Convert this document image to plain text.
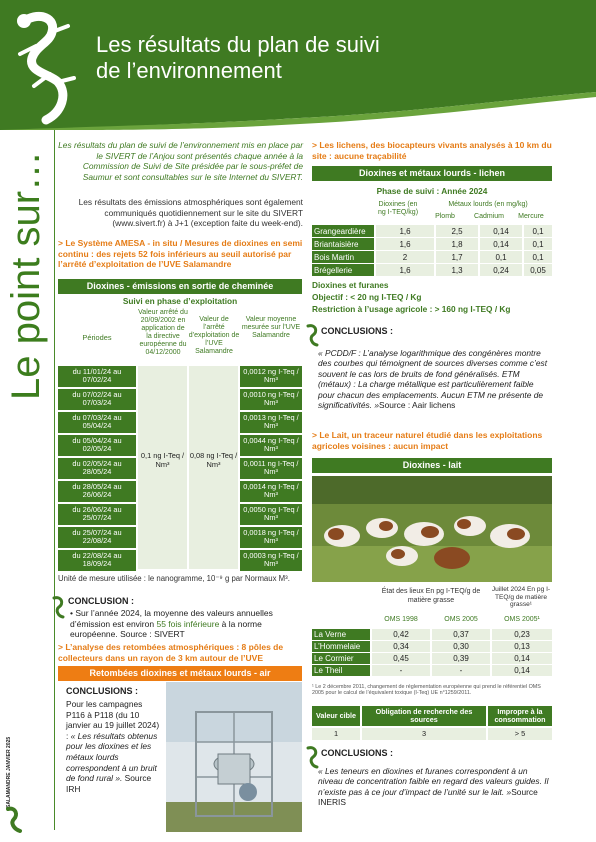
Les résultats du plan de suivi
de l’environnement
Le point sur…
SALAMANDRE JANVIER 2025
Les résultats du plan de suivi de l’environnement mis en place par le SIVERT de l’Anjou sont présentés chaque année à la Commission de Suivi de Site présidée par le sous-préfet de Saumur et sont consultables sur le site Internet du SIVERT.
Les résultats des émissions atmosphériques sont également communiqués quotidiennement sur le site du SIVERT (www.sivert.fr) à J+1 (exception faite du week-end).
> Le Système AMESA - in situ / Mesures de dioxines en semi continu : des rejets 52 fois inférieurs au seuil autorisé par l’arrêté d’exploitation de l’UVE Salamandre
Dioxines - émissions en sortie de cheminée
Suivi en phase d’exploitation
Périodes
Valeur arrêté du 20/09/2002 en application de la directive européenne du 04/12/2000
Valeur de l’arrêté d’exploitation de l’UVE Salamandre
Valeur moyenne mesurée sur l’UVE Salamandre
du 11/01/24 au 07/02/24
0,0012 ng I-Teq / Nm³
du 07/02/24 au 07/03/24
0,0010 ng I-Teq / Nm³
du 07/03/24 au 05/04/24
0,0013 ng I-Teq / Nm³
du 05/04/24 au 02/05/24
0,0044 ng I-Teq / Nm³
du 02/05/24 au 28/05/24
0,0011 ng I-Teq / Nm³
du 28/05/24 au 26/06/24
0,0014 ng I-Teq / Nm³
du 26/06/24 au 25/07/24
0,0050 ng I-Teq / Nm³
du 25/07/24 au 22/08/24
0,0018 ng I-Teq / Nm³
du 22/08/24 au 18/09/24
0,0003 ng I-Teq / Nm³
0,1 ng I-Teq / Nm³
0,08 ng I-Teq / Nm³
Unité de mesure utilisée : le nanogramme, 10⁻⁹ g par Normaux M³.
CONCLUSION :
• Sur l’année 2024, la moyenne des valeurs annuelles d’émission est environ 55 fois inférieure à la norme européenne. Source : SIVERT
> L’analyse des retombées atmosphériques : 8 pôles de collecteurs dans un rayon de 3 km autour de l’UVE
Retombées dioxines et métaux lourds - air
CONCLUSIONS :
Pour les campagnes P116 à P118 (du 10 janvier au 19 juillet 2024) : « Les résultats obtenus pour les dioxines et les métaux lourds correspondent à un bruit de fond rural ». Source IRH
> Les lichens, des biocapteurs vivants analysés à 10 km du site : aucune traçabilité
Dioxines et métaux lourds - lichen
Phase de suivi : Année 2024
Dioxines (en ng I-TEQ/kg)
Métaux lourds (en mg/kg)
Plomb	Cadmium	Mercure
Grangeardière	1,6	2,5	0,14	0,1
Briantaisière	1,6	1,8	0,14	0,1
Bois Martin	2	1,7	0,1	0,1
Brégellerie	1,6	1,3	0,24	0,05
Dioxines et furanes
Objectif : < 20 ng I-TEQ / Kg
Restriction à l’usage agricole : > 160 ng I-TEQ / Kg
CONCLUSIONS :
« PCDD/F : L’analyse logarithmique des congénères montre des courbes qui témoignent de sources diverses comme c’est souvent le cas lors de bruits de fond généralisés. ETM (métaux) : La charge métallique est particulièrement faible pour chacun des emplacements. Aucun ETM ne présente de significativités. »Source : Aair lichens
> Le Lait, un traceur naturel étudié dans les exploitations agricoles voisines : aucun impact
Dioxines - lait
État des lieux En pg I-TEQ/g de matière grasse
Juillet 2024 En pg I-TEQ/g de matière grasse¹
OMS 1998	OMS 2005	OMS 2005¹
La Verne	0,42	0,37	0,23
L’Hommelaie	0,34	0,30	0,13
Le Cormier	0,45	0,39	0,14
Le Theil	-	-	0,14
¹ Le 2 décembre 2011, changement de réglementation européenne qui prend le référentiel OMS 2005 pour le calcul de l’équivalent toxique (I-Teq) UE n°1259/2011.
Valeur cible	Obligation de recherche des sources
Impropre à la consommation
1	3	> 5
CONCLUSIONS :
« Les teneurs en dioxines et furanes correspondent à un niveau de concentration faible en regard des valeurs guides. Il n’existe pas à ce jour d’impact de l’unité sur le lait. »Source INERIS
